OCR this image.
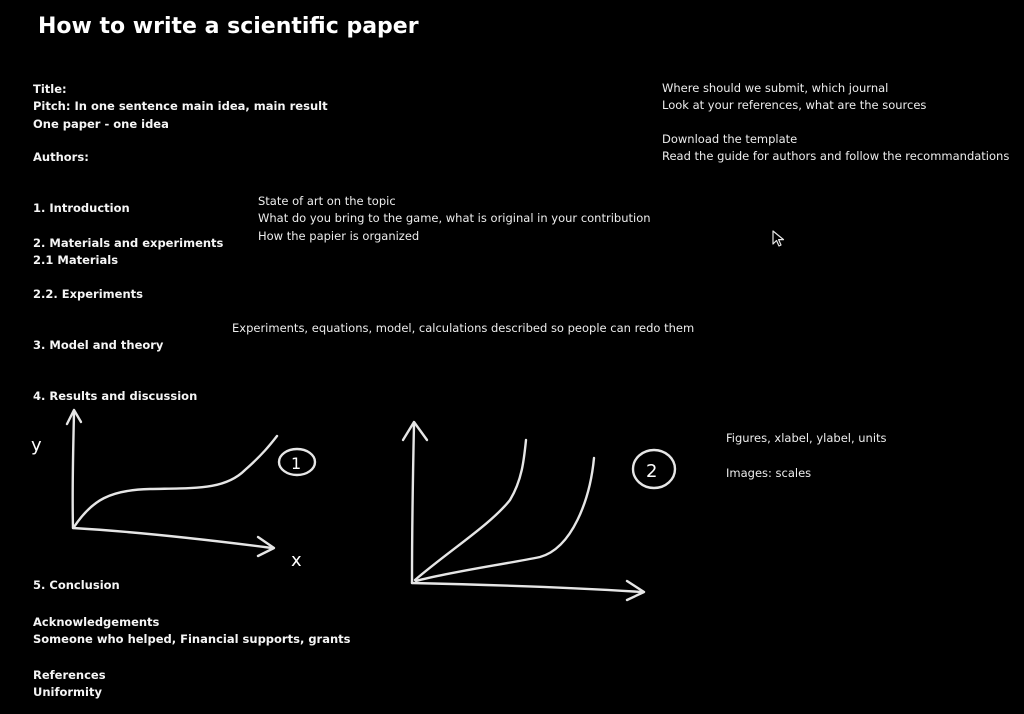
How to write a scientific paper
Title:
Pitch: In one sentence main idea, main result
One paper - one idea
Authors:
Where should we submit, which journal
Look at your references, what are the sources
Download the template
Read the guide for authors and follow the recommandations
1. Introduction
2. Materials and experiments
2.1 Materials
2.2. Experiments
3. Model and theory
4. Results and discussion
5. Conclusion
State of art on the topic
What do you bring to the game, what is original in your contribution
How the papier is organized
Experiments, equations, model, calculations described so people can redo them
Figures, xlabel, ylabel, units
Images: scales
Acknowledgements
Someone who helped, Financial supports, grants
References
Uniformity
y
x
1	2
